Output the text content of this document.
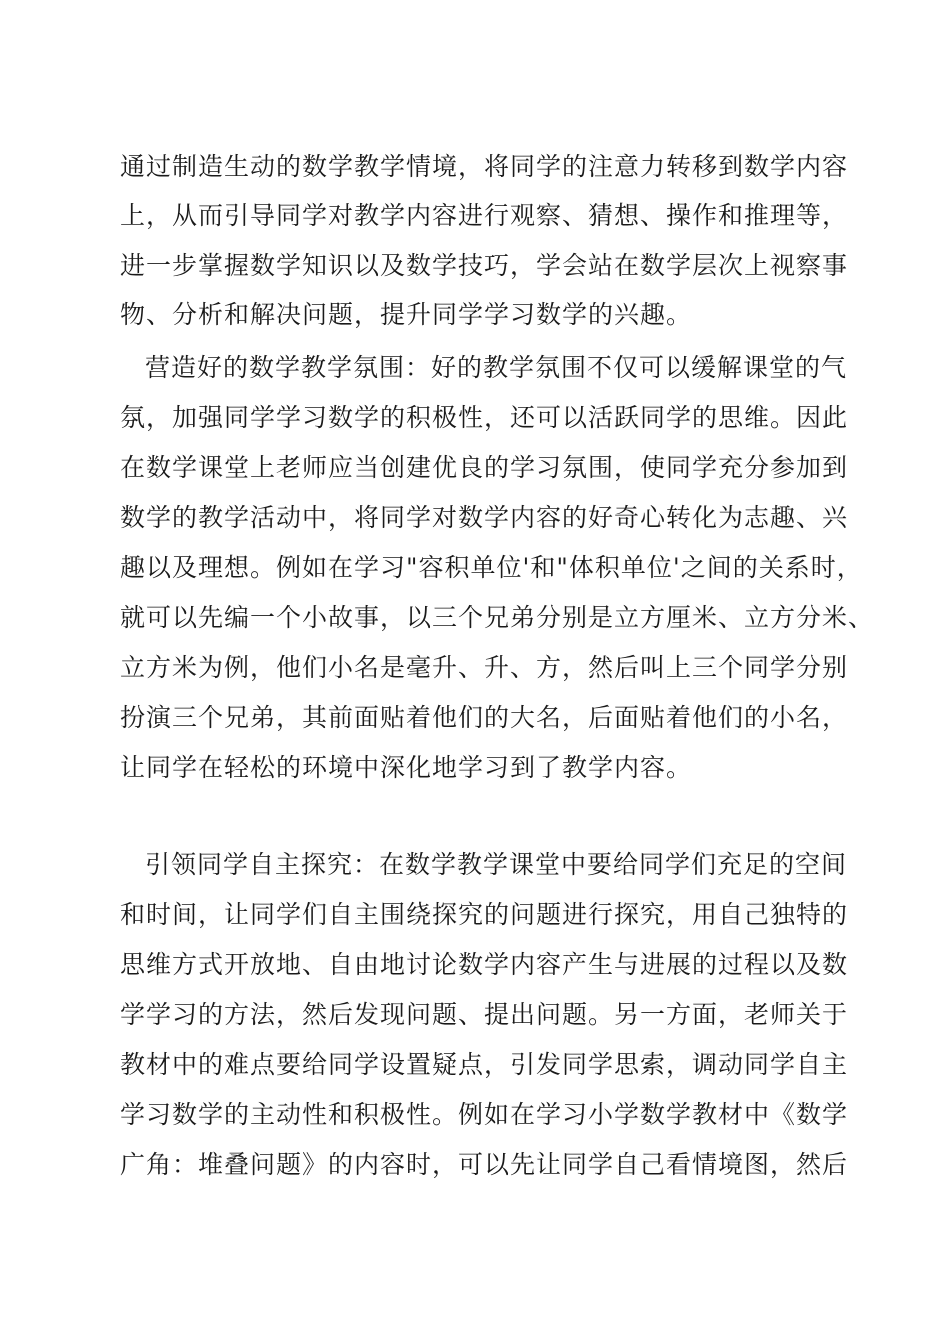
通过制造生动的数学教学情境，将同学的注意力转移到数学内容
上，从而引导同学对教学内容进行观察、猜想、操作和推理等，
进一步掌握数学知识以及数学技巧，学会站在数学层次上视察事
物、分析和解决问题，提升同学学习数学的兴趣。
营造好的数学教学氛围：好的教学氛围不仅可以缓解课堂的气
氛，加强同学学习数学的积极性，还可以活跃同学的思维。因此
在数学课堂上老师应当创建优良的学习氛围，使同学充分参加到
数学的教学活动中，将同学对数学内容的好奇心转化为志趣、兴
趣以及理想。例如在学习"容积单位'和"体积单位'之间的关系时，
就可以先编一个小故事，以三个兄弟分别是立方厘米、立方分米、
立方米为例，他们小名是毫升、升、方，然后叫上三个同学分别
扮演三个兄弟，其前面贴着他们的大名，后面贴着他们的小名，
让同学在轻松的环境中深化地学习到了教学内容。
引领同学自主探究：在数学教学课堂中要给同学们充足的空间
和时间，让同学们自主围绕探究的问题进行探究，用自己独特的
思维方式开放地、自由地讨论数学内容产生与进展的过程以及数
学学习的方法，然后发现问题、提出问题。另一方面，老师关于
教材中的难点要给同学设置疑点，引发同学思索，调动同学自主
学习数学的主动性和积极性。例如在学习小学数学教材中《数学
广角：堆叠问题》的内容时，可以先让同学自己看情境图，然后
